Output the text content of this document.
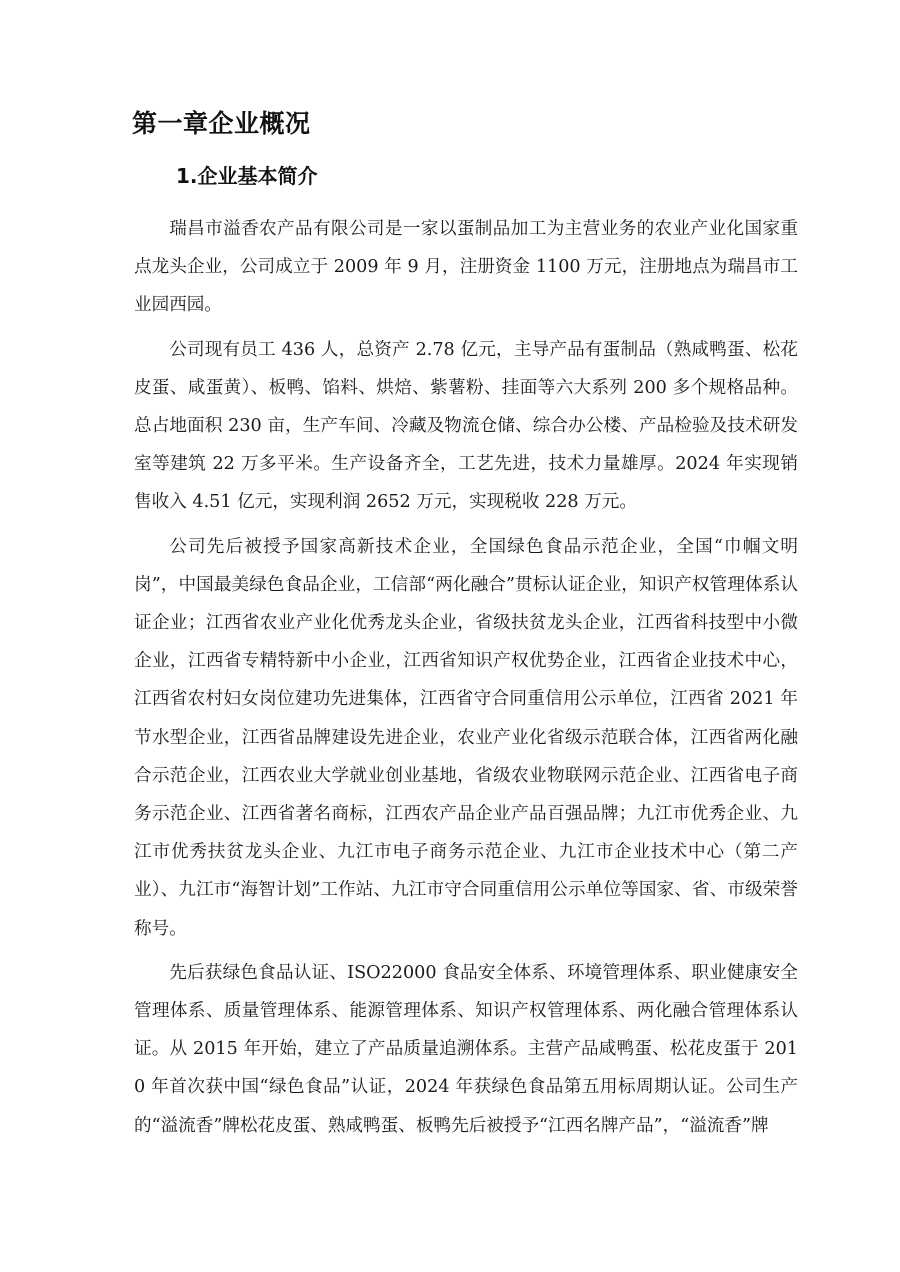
第一章企业概况
1.企业基本简介

瑞昌市溢香农产品有限公司是一家以蛋制品加工为主营业务的农业产业化国家重点龙头企业，公司成立于 2009 年 9 月，注册资金 1100 万元，注册地点为瑞昌市工业园西园。

公司现有员工 436 人，总资产 2.78 亿元，主导产品有蛋制品（熟咸鸭蛋、松花皮蛋、咸蛋黄）、板鸭、馅料、烘焙、紫薯粉、挂面等六大系列 200 多个规格品种。总占地面积 230 亩，生产车间、冷藏及物流仓储、综合办公楼、产品检验及技术研发室等建筑 22 万多平米。生产设备齐全，工艺先进，技术力量雄厚。2024 年实现销售收入 4.51 亿元，实现利润 2652 万元，实现税收 228 万元。

公司先后被授予国家高新技术企业，全国绿色食品示范企业，全国“巾帼文明岗”，中国最美绿色食品企业，工信部“两化融合”贯标认证企业，知识产权管理体系认证企业；江西省农业产业化优秀龙头企业，省级扶贫龙头企业，江西省科技型中小微企业，江西省专精特新中小企业，江西省知识产权优势企业，江西省企业技术中心，江西省农村妇女岗位建功先进集体，江西省守合同重信用公示单位，江西省 2021 年节水型企业，江西省品牌建设先进企业，农业产业化省级示范联合体，江西省两化融合示范企业，江西农业大学就业创业基地，省级农业物联网示范企业、江西省电子商务示范企业、江西省著名商标，江西农产品企业产品百强品牌；九江市优秀企业、九江市优秀扶贫龙头企业、九江市电子商务示范企业、九江市企业技术中心（第二产业）、九江市“海智计划”工作站、九江市守合同重信用公示单位等国家、省、市级荣誉称号。

先后获绿色食品认证、ISO22000 食品安全体系、环境管理体系、职业健康安全管理体系、质量管理体系、能源管理体系、知识产权管理体系、两化融合管理体系认证。从 2015 年开始，建立了产品质量追溯体系。主营产品咸鸭蛋、松花皮蛋于 2010 年首次获中国“绿色食品”认证，2024 年获绿色食品第五用标周期认证。公司生产的“溢流香”牌松花皮蛋、熟咸鸭蛋、板鸭先后被授予“江西名牌产品”，“溢流香”牌
